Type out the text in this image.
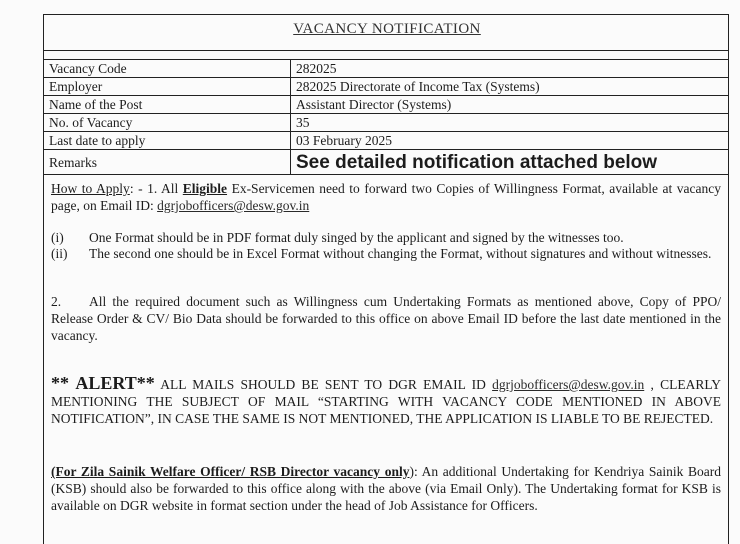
VACANCY NOTIFICATION
Vacancy Code	282025
Employer	282025 Directorate of Income Tax (Systems)
Name of the Post	Assistant Director (Systems)
No. of Vacancy	35
Last date to apply	03 February 2025
Remarks	See detailed notification attached below

How to Apply: - 1. All Eligible Ex-Servicemen need to forward two Copies of Willingness Format, available at vacancy page, on Email ID: dgrjobofficers@desw.gov.in

(i) One Format should be in PDF format duly singed by the applicant and signed by the witnesses too.

(ii) The second one should be in Excel Format without changing the Format, without signatures and without witnesses.

2. All the required document such as Willingness cum Undertaking Formats as mentioned above, Copy of PPO/ Release Order & CV/ Bio Data should be forwarded to this office on above Email ID before the last date mentioned in the vacancy.

** ALERT** ALL MAILS SHOULD BE SENT TO DGR EMAIL ID dgrjobofficers@desw.gov.in , CLEARLY MENTIONING THE SUBJECT OF MAIL “STARTING WITH VACANCY CODE MENTIONED IN ABOVE NOTIFICATION”, IN CASE THE SAME IS NOT MENTIONED, THE APPLICATION IS LIABLE TO BE REJECTED.

(For Zila Sainik Welfare Officer/ RSB Director vacancy only): An additional Undertaking for Kendriya Sainik Board (KSB) should also be forwarded to this office along with the above (via Email Only). The Undertaking format for KSB is available on DGR website in format section under the head of Job Assistance for Officers.
